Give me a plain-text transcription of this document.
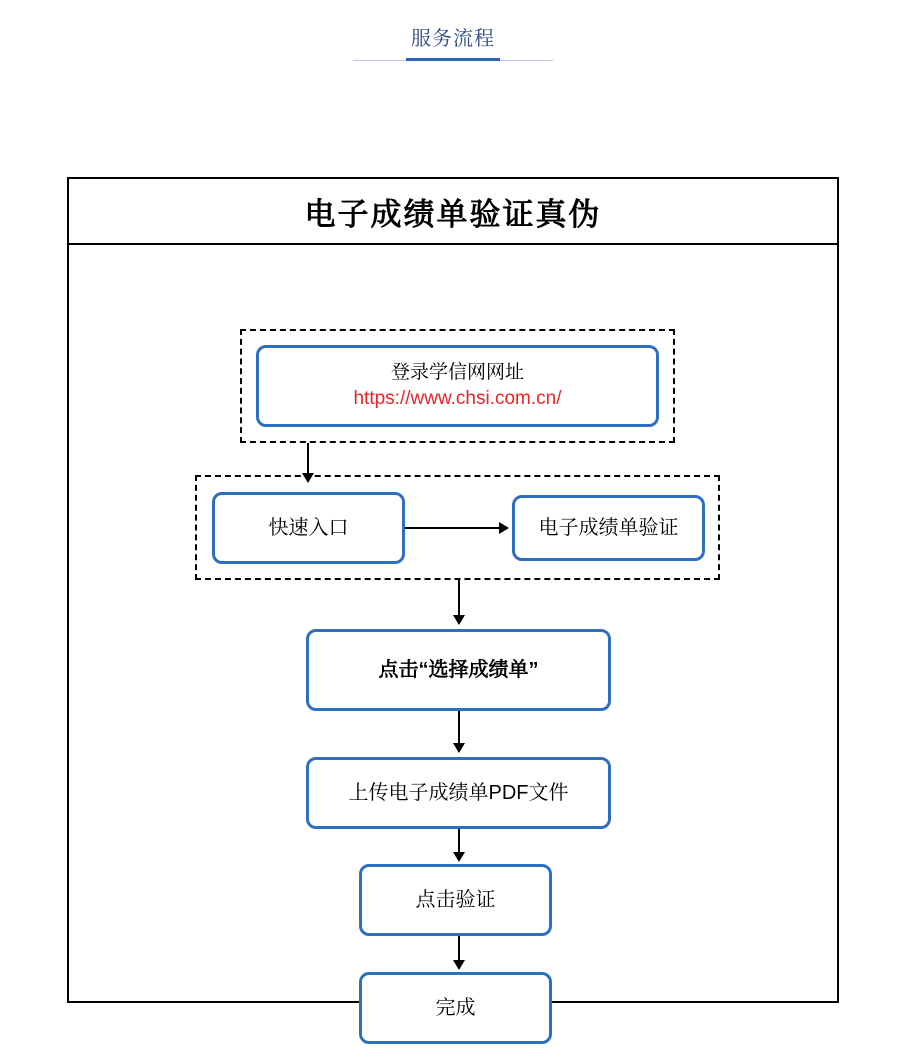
服务流程
电子成绩单验证真伪
登录学信网网址
https://www.chsi.com.cn/
快速入口	电子成绩单验证
点击“选择成绩单”
上传电子成绩单PDF文件
点击验证
完成
